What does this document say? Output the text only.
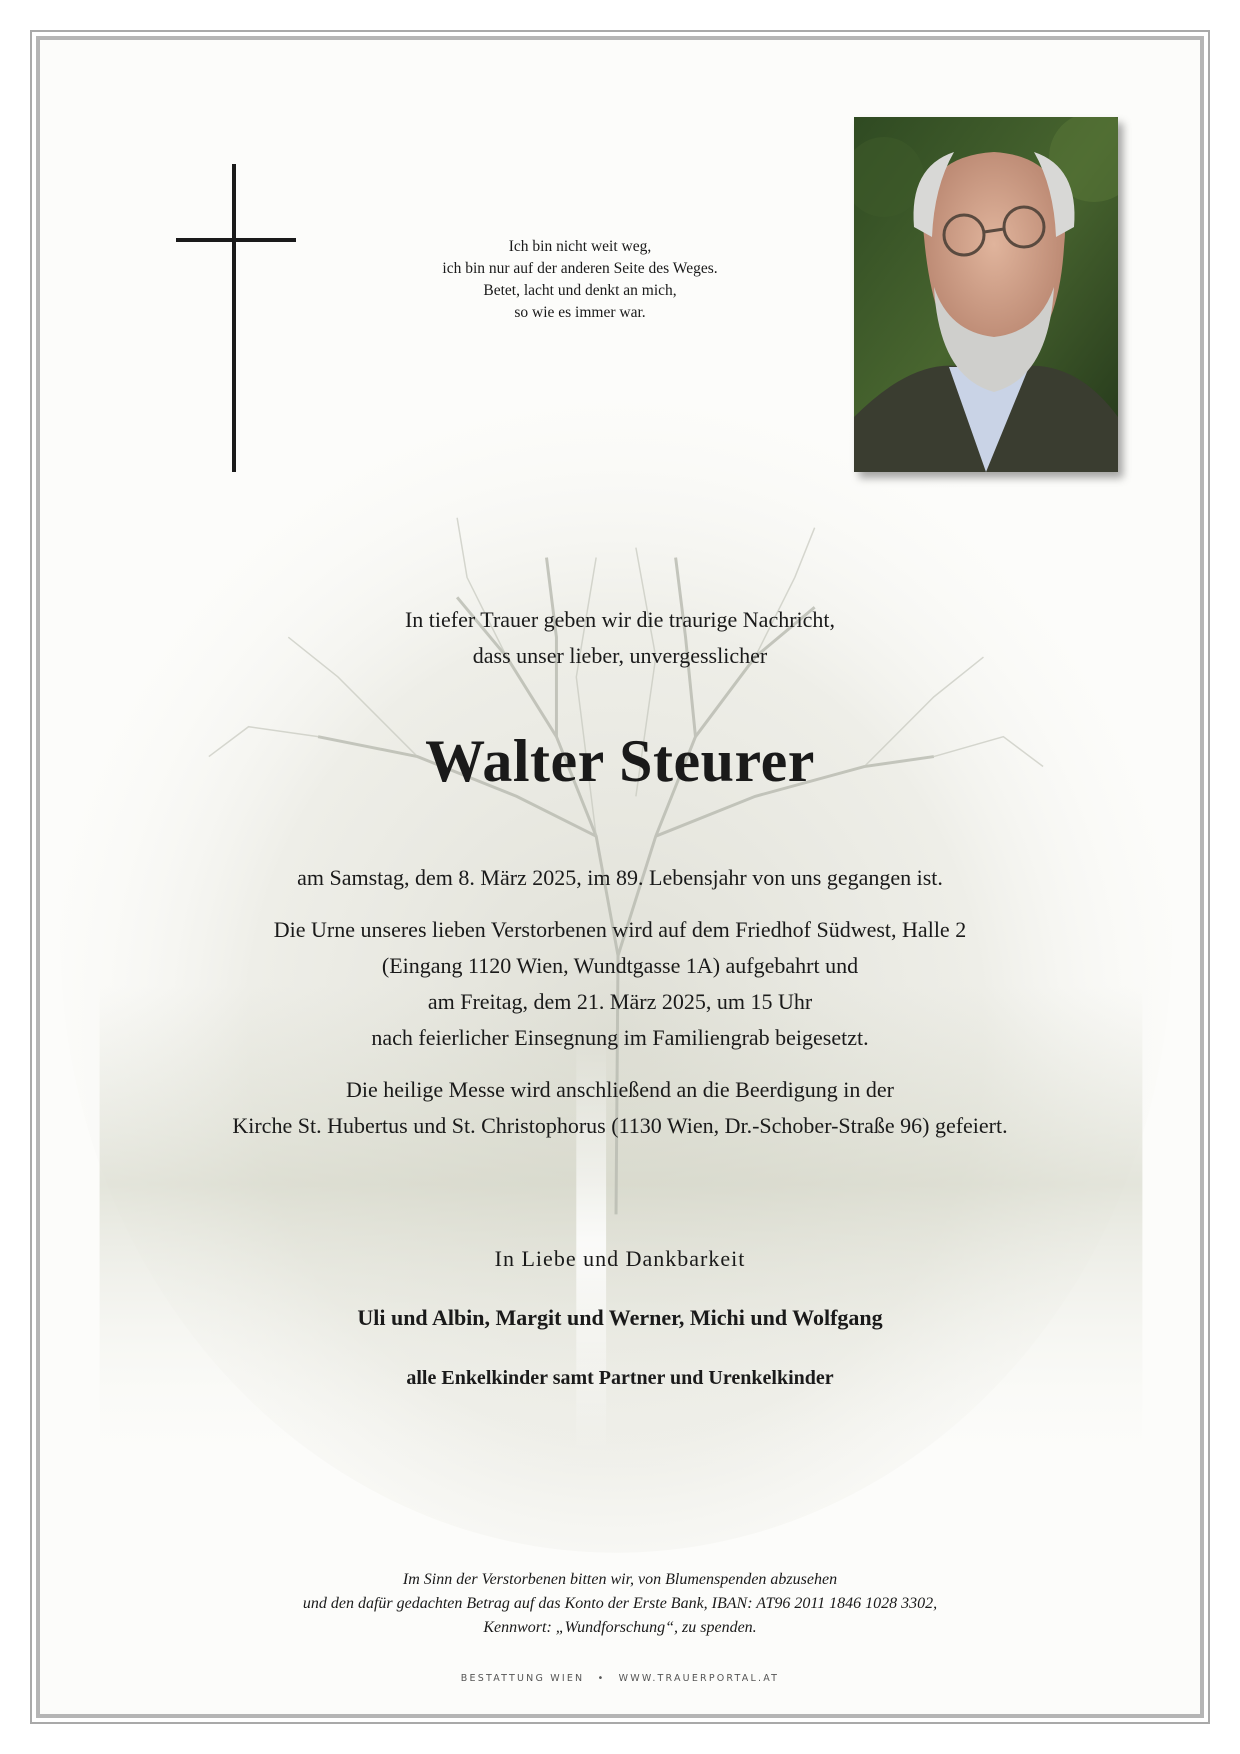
Ich bin nicht weit weg,
ich bin nur auf der anderen Seite des Weges.
Betet, lacht und denkt an mich,
so wie es immer war.
In tiefer Trauer geben wir die traurige Nachricht,
dass unser lieber, unvergesslicher
Walter Steurer

am Samstag, dem 8. März 2025, im 89. Lebensjahr von uns gegangen ist.

Die Urne unseres lieben Verstorbenen wird auf dem Friedhof Südwest, Halle 2
(Eingang 1120 Wien, Wundtgasse 1A) aufgebahrt und
am Freitag, dem 21. März 2025, um 15 Uhr
nach feierlicher Einsegnung im Familiengrab beigesetzt.

Die heilige Messe wird anschließend an die Beerdigung in der
Kirche St. Hubertus und St. Christophorus (1130 Wien, Dr.-Schober-Straße 96) gefeiert.

In Liebe und Dankbarkeit
Uli und Albin, Margit und Werner, Michi und Wolfgang
alle Enkelkinder samt Partner und Urenkelkinder
Im Sinn der Verstorbenen bitten wir, von Blumenspenden abzusehen
und den dafür gedachten Betrag auf das Konto der Erste Bank, IBAN: AT96 2011 1846 1028 3302,
Kennwort: „Wundforschung“, zu spenden.
BESTATTUNG WIEN • WWW.TRAUERPORTAL.AT
